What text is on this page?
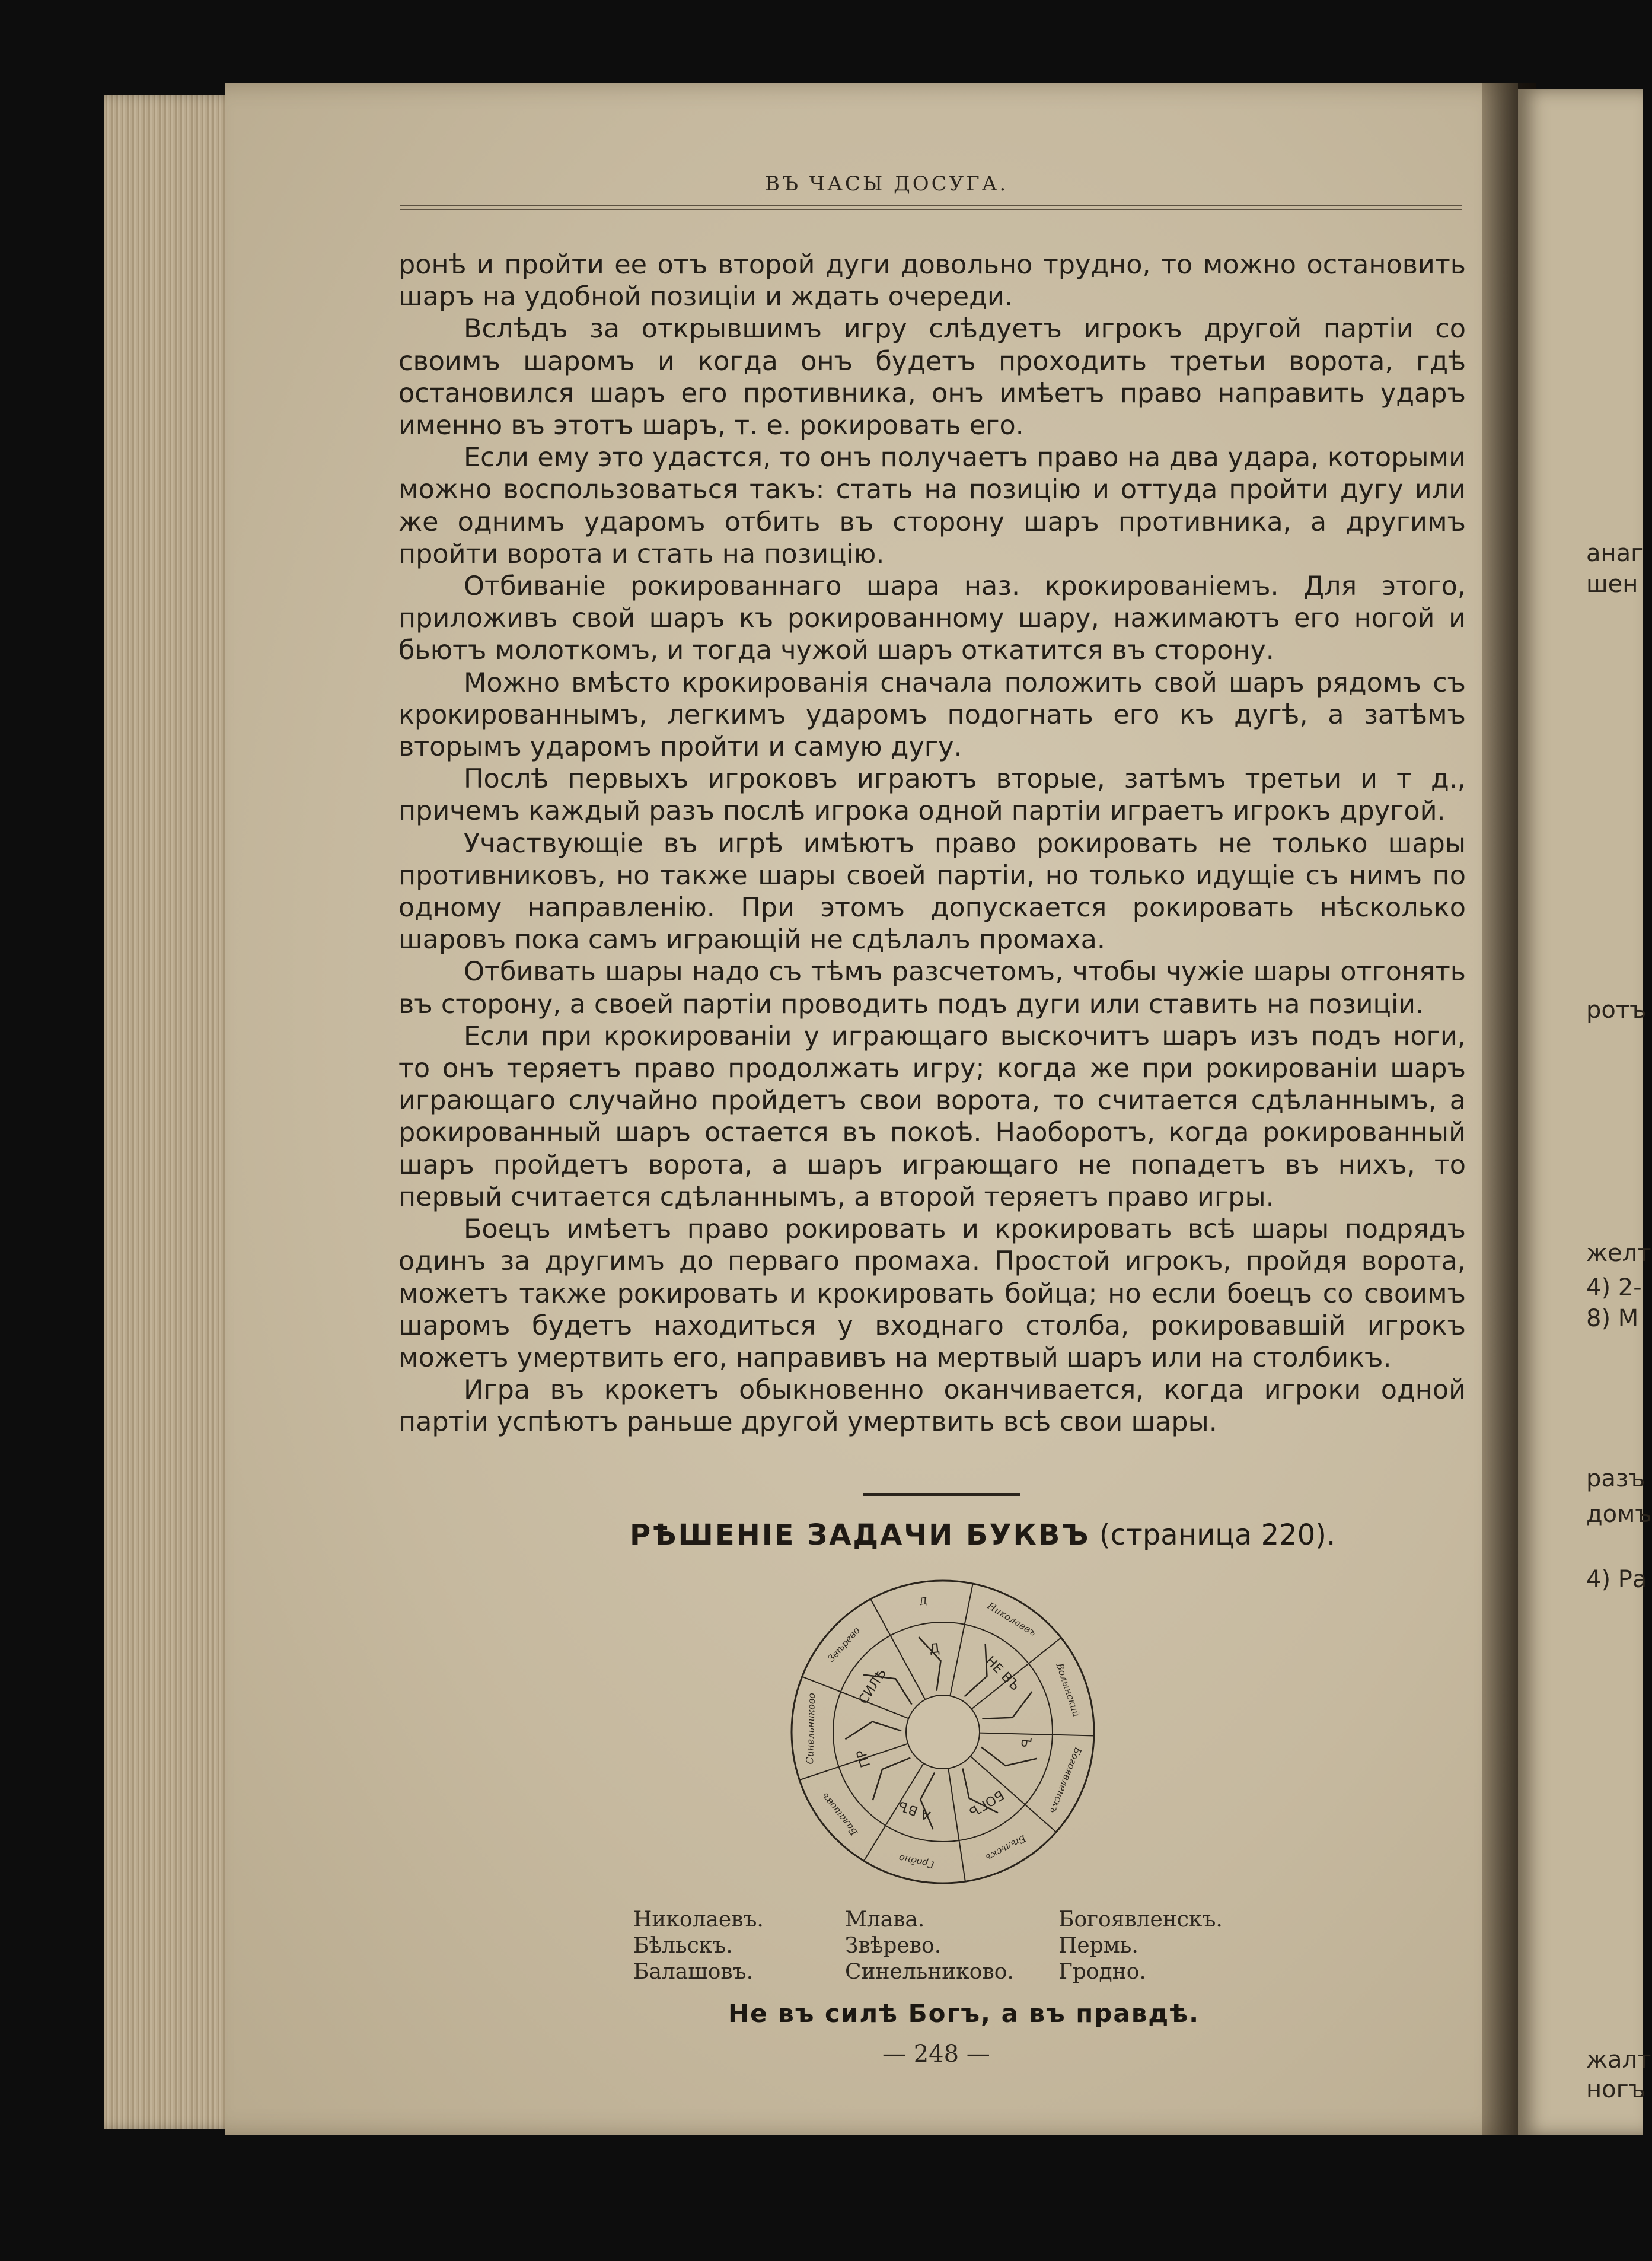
анаг
шен
ротъ
желт
4) 2-
8) М
разъ
домъ
4) Ра
жалт
ногъ
ВЪ ЧАСЫ ДОСУГА.

ронѣ и пройти ее отъ второй дуги довольно трудно, то можно остановить шаръ на удобной позиціи и ждать очереди.

Вслѣдъ за открывшимъ игру слѣдуетъ игрокъ другой партіи со своимъ шаромъ и когда онъ будетъ проходить третьи ворота, гдѣ остановился шаръ его противника, онъ имѣетъ право направить ударъ именно въ этотъ шаръ, т. е. рокировать его.

Если ему это удастся, то онъ получаетъ право на два удара, которыми можно воспользоваться такъ: стать на позицію и оттуда пройти дугу или же однимъ ударомъ отбить въ сторону шаръ противника, а другимъ пройти ворота и стать на позицію.

Отбиваніе рокированнаго шара наз. крокированіемъ. Для этого, приложивъ свой шаръ къ рокированному шару, нажимаютъ его ногой и бьютъ молоткомъ, и тогда чужой шаръ откатится въ сторону.

Можно вмѣсто крокированія сначала положить свой шаръ рядомъ съ крокированнымъ, легкимъ ударомъ подогнать его къ дугѣ, а затѣмъ вторымъ ударомъ пройти и самую дугу.

Послѣ первыхъ игроковъ играютъ вторые, затѣмъ третьи и т д., причемъ каждый разъ послѣ игрока одной партіи играетъ игрокъ другой.

Участвующіе въ игрѣ имѣютъ право рокировать не только шары противниковъ, но также шары своей партіи, но только идущіе съ нимъ по одному направленію. При этомъ допускается рокировать нѣсколько шаровъ пока самъ играющій не сдѣлалъ промаха.

Отбивать шары надо съ тѣмъ разсчетомъ, чтобы чужіе шары отгонять въ сторону, а своей партіи проводить подъ дуги или ставить на позиціи.

Если при крокированіи у играющаго выскочитъ шаръ изъ подъ ноги, то онъ теряетъ право продолжать игру; когда же при рокированіи шаръ играющаго случайно пройдетъ свои ворота, то считается сдѣланнымъ, а рокированный шаръ остается въ покоѣ. Наоборотъ, когда рокированный шаръ пройдетъ ворота, а шаръ играющаго не попадетъ въ нихъ, то первый считается сдѣланнымъ, а второй теряетъ право игры.

Боецъ имѣетъ право рокировать и крокировать всѣ шары подрядъ одинъ за другимъ до перваго промаха. Простой игрокъ, пройдя ворота, можетъ также рокировать и крокировать бойца; но если боецъ со своимъ шаромъ будетъ находиться у входнаго столба, рокировавшій игрокъ можетъ умертвить его, направивъ на мертвый шаръ или на столбикъ.

Игра въ крокетъ обыкновенно оканчивается, когда игроки одной партіи успѣютъ раньше другой умертвить всѣ свои шары.

РѢШЕНІЕ ЗАДАЧИ БУКВЪ (страница 220).
Николаевъ
Волынский
Богоявленскъ
Бѣльскъ
Гродно
Балашовъ
Синельниково
Звѣрево
Д
НЕ ВЪ
Ъ
БОГЪ
А ВЪ
ПР
СИЛѢ
Д
Николаевъ.
Бѣльскъ.
Балашовъ.
Млава.
Звѣрево.
Синельниково.
Богоявленскъ.
Пермь.
Гродно.
Не въ силѣ Богъ, а въ правдѣ.
— 248 —
